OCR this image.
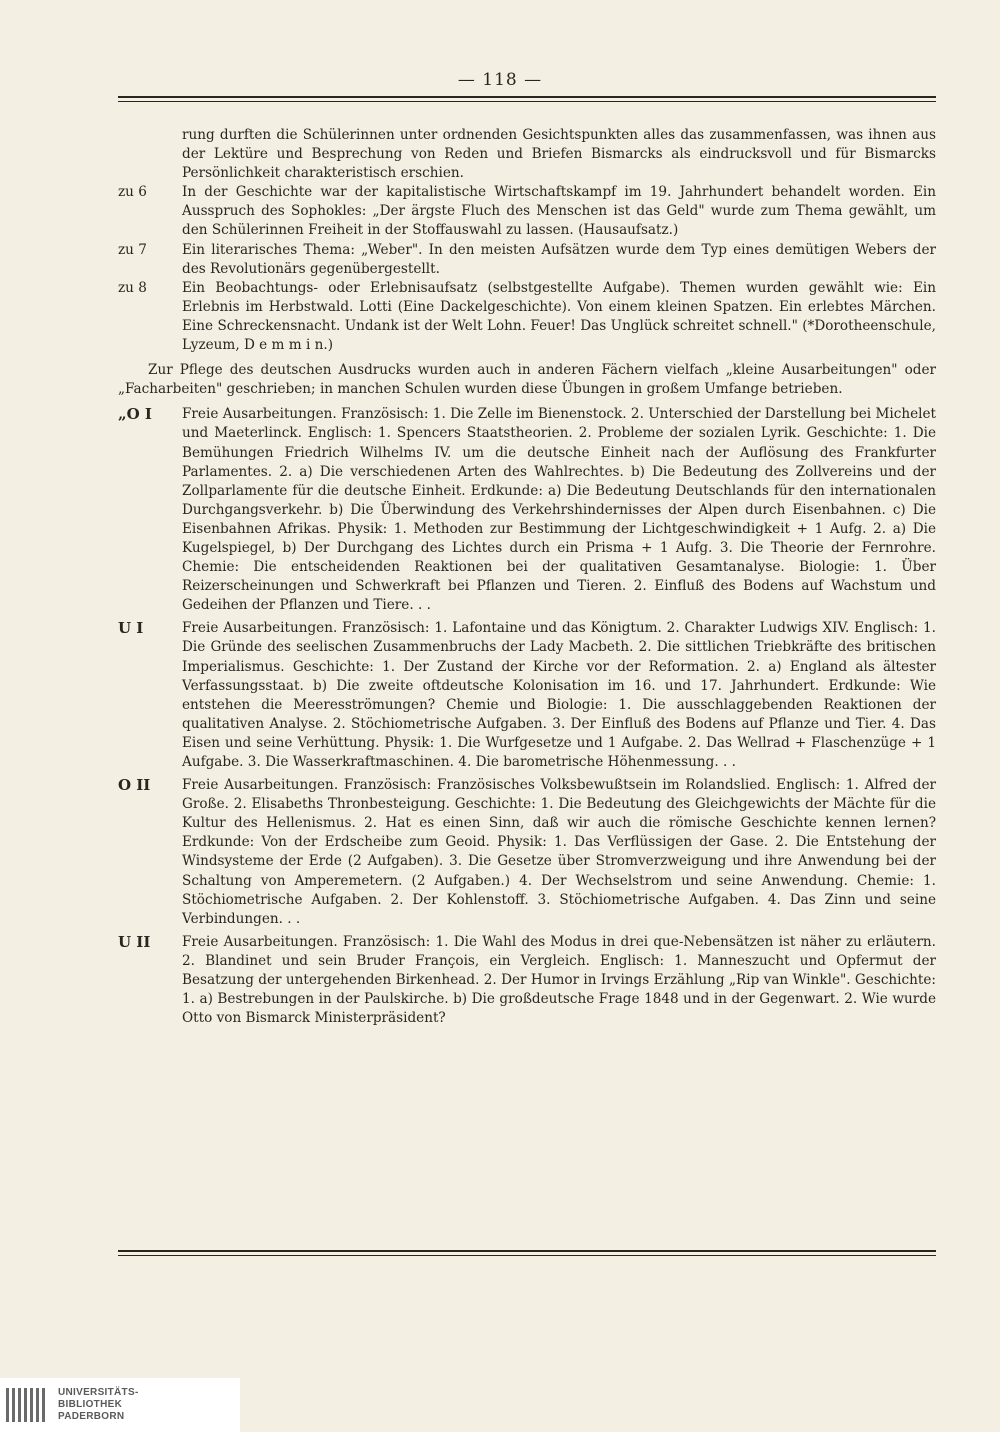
— 118 —
rung durften die Schülerinnen unter ordnenden Gesichtspunkten alles das zusammenfassen, was ihnen aus der Lektüre und Besprechung von Reden und Briefen Bismarcks als eindrucksvoll und für Bismarcks Persönlichkeit charakteristisch erschien.
zu 6	In der Geschichte war der kapitalistische Wirtschaftskampf im 19. Jahrhundert behandelt worden. Ein Ausspruch des Sophokles: „Der ärgste Fluch des Menschen ist das Geld" wurde zum Thema gewählt, um den Schülerinnen Freiheit in der Stoffauswahl zu lassen. (Hausaufsatz.)
zu 7	Ein literarisches Thema: „Weber". In den meisten Aufsätzen wurde dem Typ eines demütigen Webers der des Revolutionärs gegenübergestellt.
zu 8	Ein Beobachtungs- oder Erlebnisaufsatz (selbstgestellte Aufgabe). Themen wurden gewählt wie: Ein Erlebnis im Herbstwald. Lotti (Eine Dackelgeschichte). Von einem kleinen Spatzen. Ein erlebtes Märchen. Eine Schreckensnacht. Undank ist der Welt Lohn. Feuer! Das Unglück schreitet schnell." (*Dorotheenschule, Lyzeum, D e m m i n.)
Zur Pflege des deutschen Ausdrucks wurden auch in anderen Fächern vielfach „kleine Ausarbeitungen" oder „Facharbeiten" geschrieben; in manchen Schulen wurden diese Übungen in großem Umfange betrieben.
„O I	Freie Ausarbeitungen. Französisch: 1. Die Zelle im Bienenstock. 2. Unterschied der Darstellung bei Michelet und Maeterlinck. Englisch: 1. Spencers Staatstheorien. 2. Probleme der sozialen Lyrik. Geschichte: 1. Die Bemühungen Friedrich Wilhelms IV. um die deutsche Einheit nach der Auflösung des Frankfurter Parlamentes. 2. a) Die verschiedenen Arten des Wahlrechtes. b) Die Bedeutung des Zollvereins und der Zollparlamente für die deutsche Einheit. Erdkunde: a) Die Bedeutung Deutschlands für den internationalen Durchgangsverkehr. b) Die Überwindung des Verkehrshindernisses der Alpen durch Eisenbahnen. c) Die Eisenbahnen Afrikas. Physik: 1. Methoden zur Bestimmung der Lichtgeschwindigkeit + 1 Aufg. 2. a) Die Kugelspiegel, b) Der Durchgang des Lichtes durch ein Prisma + 1 Aufg. 3. Die Theorie der Fernrohre. Chemie: Die entscheidenden Reaktionen bei der qualitativen Gesamtanalyse. Biologie: 1. Über Reizerscheinungen und Schwerkraft bei Pflanzen und Tieren. 2. Einfluß des Bodens auf Wachstum und Gedeihen der Pflanzen und Tiere. . .
U I	Freie Ausarbeitungen. Französisch: 1. Lafontaine und das Königtum. 2. Charakter Ludwigs XIV. Englisch: 1. Die Gründe des seelischen Zusammenbruchs der Lady Macbeth. 2. Die sittlichen Triebkräfte des britischen Imperialismus. Geschichte: 1. Der Zustand der Kirche vor der Reformation. 2. a) England als ältester Verfassungsstaat. b) Die zweite oftdeutsche Kolonisation im 16. und 17. Jahrhundert. Erdkunde: Wie entstehen die Meeresströmungen? Chemie und Biologie: 1. Die ausschlaggebenden Reaktionen der qualitativen Analyse. 2. Stöchiometrische Aufgaben. 3. Der Einfluß des Bodens auf Pflanze und Tier. 4. Das Eisen und seine Verhüttung. Physik: 1. Die Wurfgesetze und 1 Aufgabe. 2. Das Wellrad + Flaschenzüge + 1 Aufgabe. 3. Die Wasserkraftmaschinen. 4. Die barometrische Höhenmessung. . .
O II	Freie Ausarbeitungen. Französisch: Französisches Volksbewußtsein im Rolandslied. Englisch: 1. Alfred der Große. 2. Elisabeths Thronbesteigung. Geschichte: 1. Die Bedeutung des Gleichgewichts der Mächte für die Kultur des Hellenismus. 2. Hat es einen Sinn, daß wir auch die römische Geschichte kennen lernen? Erdkunde: Von der Erdscheibe zum Geoid. Physik: 1. Das Verflüssigen der Gase. 2. Die Entstehung der Windsysteme der Erde (2 Aufgaben). 3. Die Gesetze über Stromverzweigung und ihre Anwendung bei der Schaltung von Amperemetern. (2 Aufgaben.) 4. Der Wechselstrom und seine Anwendung. Chemie: 1. Stöchiometrische Aufgaben. 2. Der Kohlenstoff. 3. Stöchiometrische Aufgaben. 4. Das Zinn und seine Verbindungen. . .
U II	Freie Ausarbeitungen. Französisch: 1. Die Wahl des Modus in drei que-Nebensätzen ist näher zu erläutern. 2. Blandinet und sein Bruder François, ein Vergleich. Englisch: 1. Manneszucht und Opfermut der Besatzung der untergehenden Birkenhead. 2. Der Humor in Irvings Erzählung „Rip van Winkle". Geschichte: 1. a) Bestrebungen in der Paulskirche. b) Die großdeutsche Frage 1848 und in der Gegenwart. 2. Wie wurde Otto von Bismarck Ministerpräsident?
UNIVERSITÄTS-
BIBLIOTHEK
PADERBORN
